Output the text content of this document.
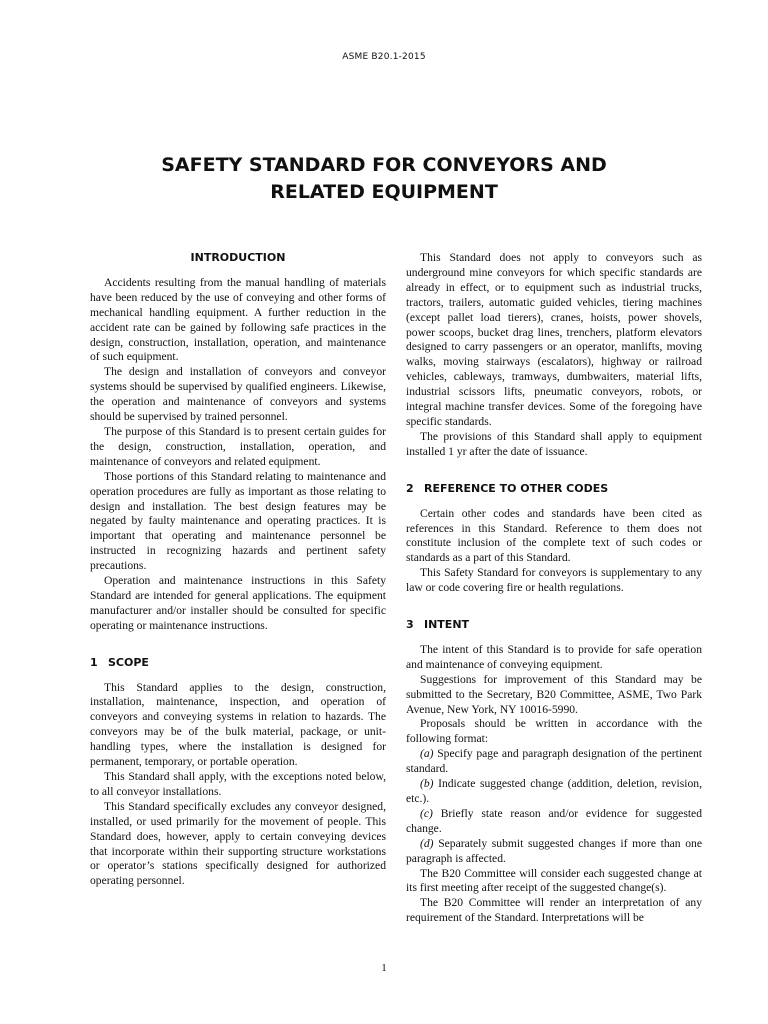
ASME B20.1-2015
SAFETY STANDARD FOR CONVEYORS AND RELATED EQUIPMENT
INTRODUCTION

Accidents resulting from the manual handling of materials have been reduced by the use of conveying and other forms of mechanical handling equipment. A further reduction in the accident rate can be gained by following safe practices in the design, construction, installation, operation, and maintenance of such equipment.

The design and installation of conveyors and conveyor systems should be supervised by qualified engineers. Likewise, the operation and maintenance of conveyors and systems should be supervised by trained personnel.

The purpose of this Standard is to present certain guides for the design, construction, installation, operation, and maintenance of conveyors and related equipment.

Those portions of this Standard relating to maintenance and operation procedures are fully as important as those relating to design and installation. The best design features may be negated by faulty maintenance and operating practices. It is important that operating and maintenance personnel be instructed in recognizing hazards and pertinent safety precautions.

Operation and maintenance instructions in this Safety Standard are intended for general applications. The equipment manufacturer and/or installer should be consulted for specific operating or maintenance instructions.

1 SCOPE

This Standard applies to the design, construction, installation, maintenance, inspection, and operation of conveyors and conveying systems in relation to hazards. The conveyors may be of the bulk material, package, or unit-handling types, where the installation is designed for permanent, temporary, or portable operation.

This Standard shall apply, with the exceptions noted below, to all conveyor installations.

This Standard specifically excludes any conveyor designed, installed, or used primarily for the movement of people. This Standard does, however, apply to certain conveying devices that incorporate within their supporting structure workstations or operator’s stations specifically designed for authorized operating personnel.

This Standard does not apply to conveyors such as underground mine conveyors for which specific standards are already in effect, or to equipment such as industrial trucks, tractors, trailers, automatic guided vehicles, tiering machines (except pallet load tierers), cranes, hoists, power shovels, power scoops, bucket drag lines, trenchers, platform elevators designed to carry passengers or an operator, manlifts, moving walks, moving stairways (escalators), highway or railroad vehicles, cableways, tramways, dumbwaiters, material lifts, industrial scissors lifts, pneumatic conveyors, robots, or integral machine transfer devices. Some of the foregoing have specific standards.

The provisions of this Standard shall apply to equipment installed 1 yr after the date of issuance.

2 REFERENCE TO OTHER CODES

Certain other codes and standards have been cited as references in this Standard. Reference to them does not constitute inclusion of the complete text of such codes or standards as a part of this Standard.

This Safety Standard for conveyors is supplementary to any law or code covering fire or health regulations.

3 INTENT

The intent of this Standard is to provide for safe operation and maintenance of conveying equipment.

Suggestions for improvement of this Standard may be submitted to the Secretary, B20 Committee, ASME, Two Park Avenue, New York, NY 10016-5990.

Proposals should be written in accordance with the following format:

(a) Specify page and paragraph designation of the pertinent standard.

(b) Indicate suggested change (addition, deletion, revision, etc.).

(c) Briefly state reason and/or evidence for suggested change.

(d) Separately submit suggested changes if more than one paragraph is affected.

The B20 Committee will consider each suggested change at its first meeting after receipt of the suggested change(s).

The B20 Committee will render an interpretation of any requirement of the Standard. Interpretations will be

1
